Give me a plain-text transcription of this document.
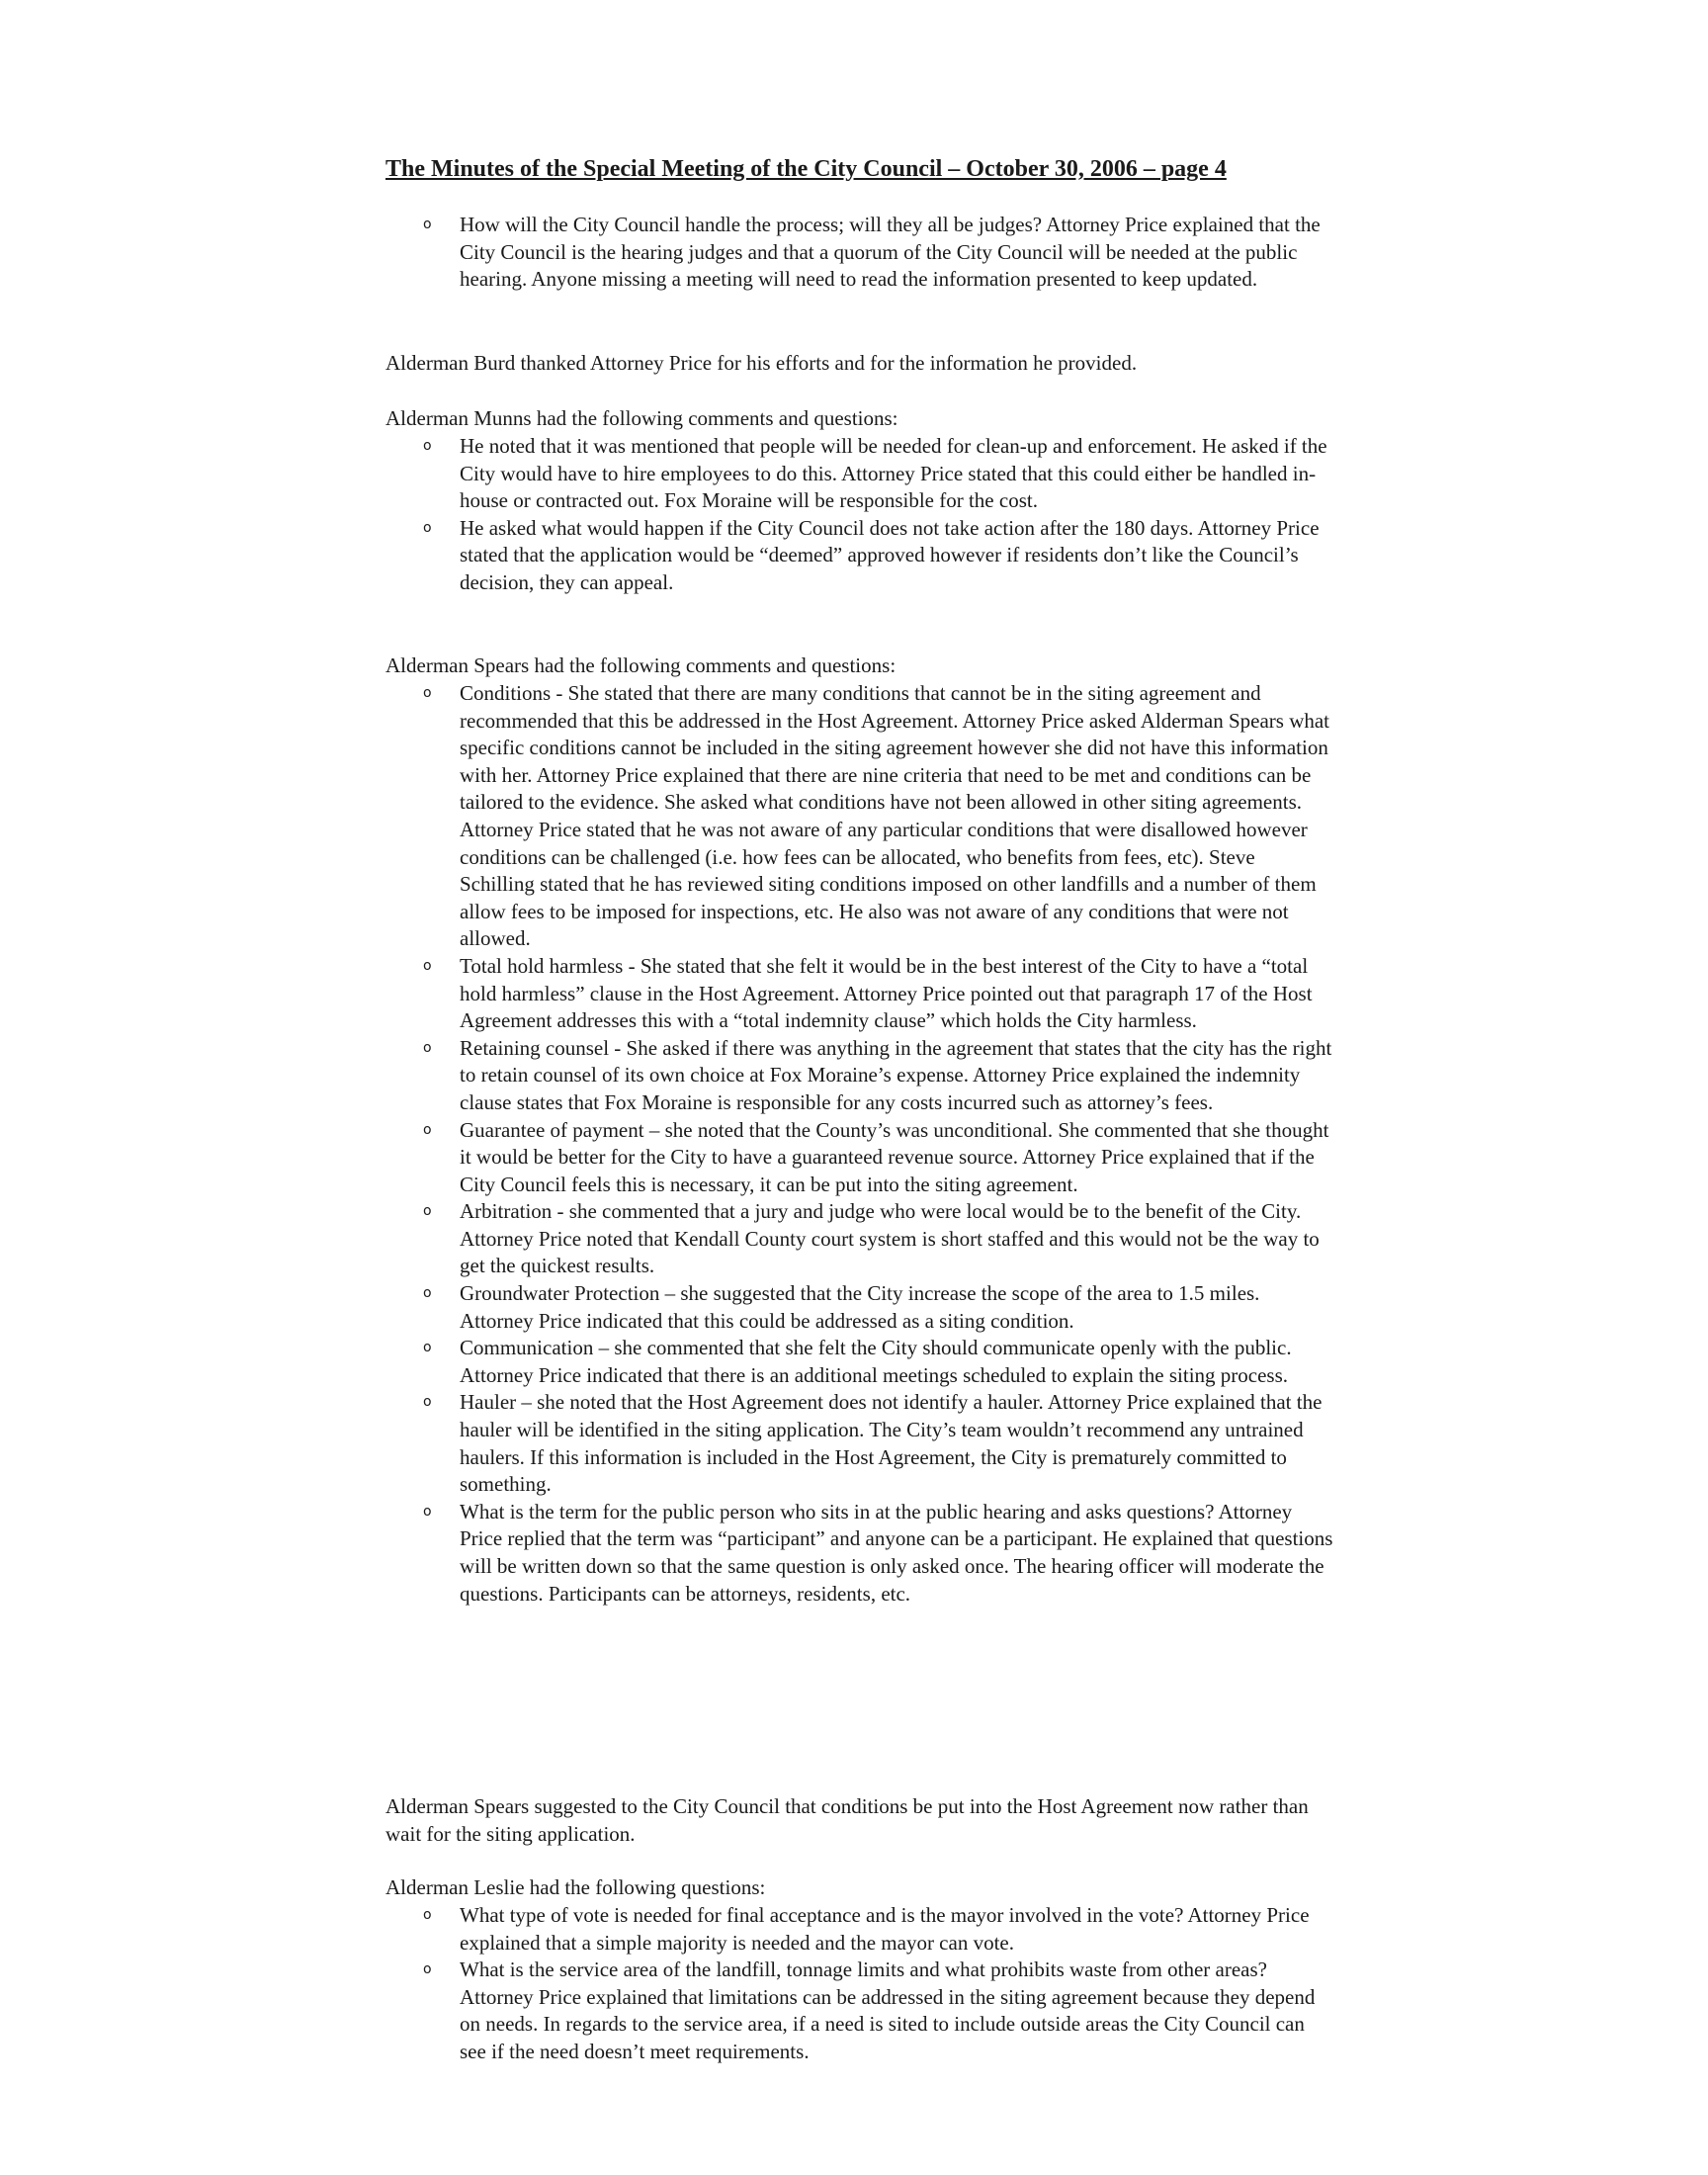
The Minutes of the Special Meeting of the City Council – October 30, 2006 – page 4
o How will the City Council handle the process; will they all be judges? Attorney Price explained that the City Council is the hearing judges and that a quorum of the City Council will be needed at the public hearing. Anyone missing a meeting will need to read the information presented to keep updated.

Alderman Burd thanked Attorney Price for his efforts and for the information he provided.

Alderman Munns had the following comments and questions:

o He noted that it was mentioned that people will be needed for clean-up and enforcement. He asked if the City would have to hire employees to do this. Attorney Price stated that this could either be handled in-house or contracted out. Fox Moraine will be responsible for the cost.
o He asked what would happen if the City Council does not take action after the 180 days. Attorney Price stated that the application would be “deemed” approved however if residents don’t like the Council’s decision, they can appeal.

Alderman Spears had the following comments and questions:

o Conditions - She stated that there are many conditions that cannot be in the siting agreement and recommended that this be addressed in the Host Agreement. Attorney Price asked Alderman Spears what specific conditions cannot be included in the siting agreement however she did not have this information with her. Attorney Price explained that there are nine criteria that need to be met and conditions can be tailored to the evidence. She asked what conditions have not been allowed in other siting agreements. Attorney Price stated that he was not aware of any particular conditions that were disallowed however conditions can be challenged (i.e. how fees can be allocated, who benefits from fees, etc). Steve Schilling stated that he has reviewed siting conditions imposed on other landfills and a number of them allow fees to be imposed for inspections, etc. He also was not aware of any conditions that were not allowed.
o Total hold harmless - She stated that she felt it would be in the best interest of the City to have a “total hold harmless” clause in the Host Agreement. Attorney Price pointed out that paragraph 17 of the Host Agreement addresses this with a “total indemnity clause” which holds the City harmless.
o Retaining counsel - She asked if there was anything in the agreement that states that the city has the right to retain counsel of its own choice at Fox Moraine’s expense. Attorney Price explained the indemnity clause states that Fox Moraine is responsible for any costs incurred such as attorney’s fees.
o Guarantee of payment – she noted that the County’s was unconditional. She commented that she thought it would be better for the City to have a guaranteed revenue source. Attorney Price explained that if the City Council feels this is necessary, it can be put into the siting agreement.
o Arbitration - she commented that a jury and judge who were local would be to the benefit of the City. Attorney Price noted that Kendall County court system is short staffed and this would not be the way to get the quickest results.
o Groundwater Protection – she suggested that the City increase the scope of the area to 1.5 miles. Attorney Price indicated that this could be addressed as a siting condition.
o Communication – she commented that she felt the City should communicate openly with the public. Attorney Price indicated that there is an additional meetings scheduled to explain the siting process.
o Hauler – she noted that the Host Agreement does not identify a hauler. Attorney Price explained that the hauler will be identified in the siting application. The City’s team wouldn’t recommend any untrained haulers. If this information is included in the Host Agreement, the City is prematurely committed to something.
o What is the term for the public person who sits in at the public hearing and asks questions? Attorney Price replied that the term was “participant” and anyone can be a participant. He explained that questions will be written down so that the same question is only asked once. The hearing officer will moderate the questions. Participants can be attorneys, residents, etc.

Alderman Spears suggested to the City Council that conditions be put into the Host Agreement now rather than wait for the siting application.

Alderman Leslie had the following questions:

o What type of vote is needed for final acceptance and is the mayor involved in the vote? Attorney Price explained that a simple majority is needed and the mayor can vote.
o What is the service area of the landfill, tonnage limits and what prohibits waste from other areas? Attorney Price explained that limitations can be addressed in the siting agreement because they depend on needs. In regards to the service area, if a need is sited to include outside areas the City Council can see if the need doesn’t meet requirements.
